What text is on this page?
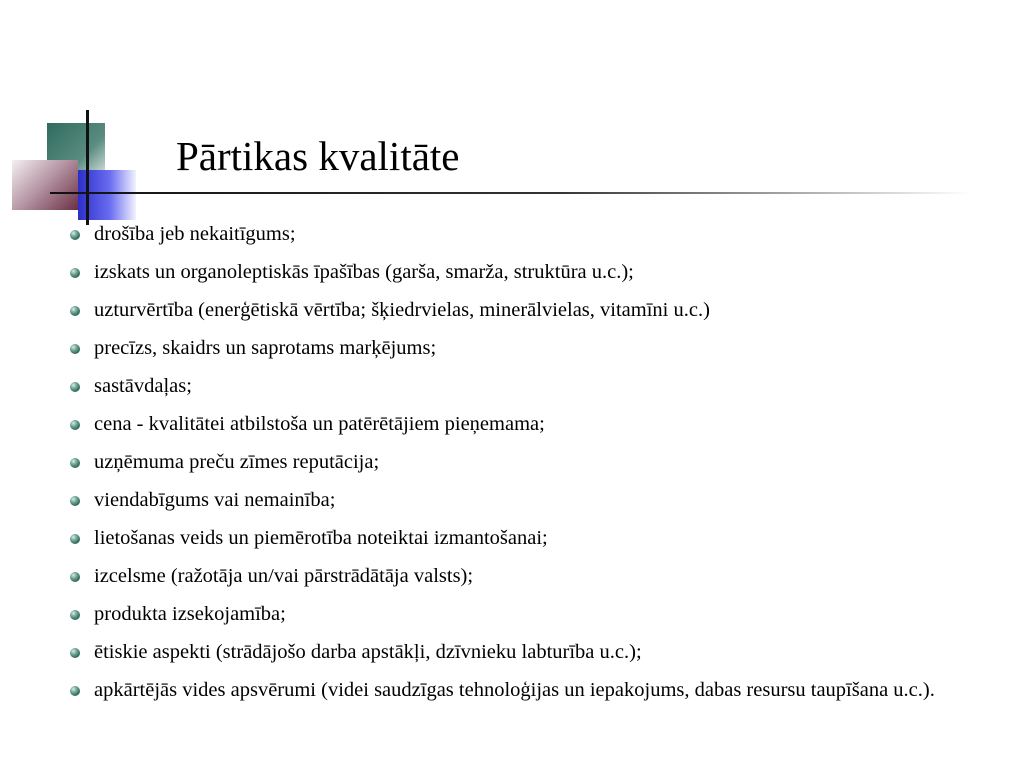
Pārtikas kvalitāte
drošība jeb nekaitīgums;
izskats un organoleptiskās īpašības (garša, smarža, struktūra u.c.);
uzturvērtība (enerģētiskā vērtība; šķiedrvielas, minerālvielas, vitamīni u.c.)
precīzs, skaidrs un saprotams marķējums;
sastāvdaļas;
cena - kvalitātei atbilstoša un patērētājiem pieņemama;
uzņēmuma preču zīmes reputācija;
viendabīgums vai nemainība;
lietošanas veids un piemērotība noteiktai izmantošanai;
izcelsme (ražotāja un/vai pārstrādātāja valsts);
produkta izsekojamība;
ētiskie aspekti (strādājošo darba apstākļi, dzīvnieku labturība u.c.);
apkārtējās vides apsvērumi (videi saudzīgas tehnoloģijas un iepakojums, dabas resursu taupīšana u.c.).
